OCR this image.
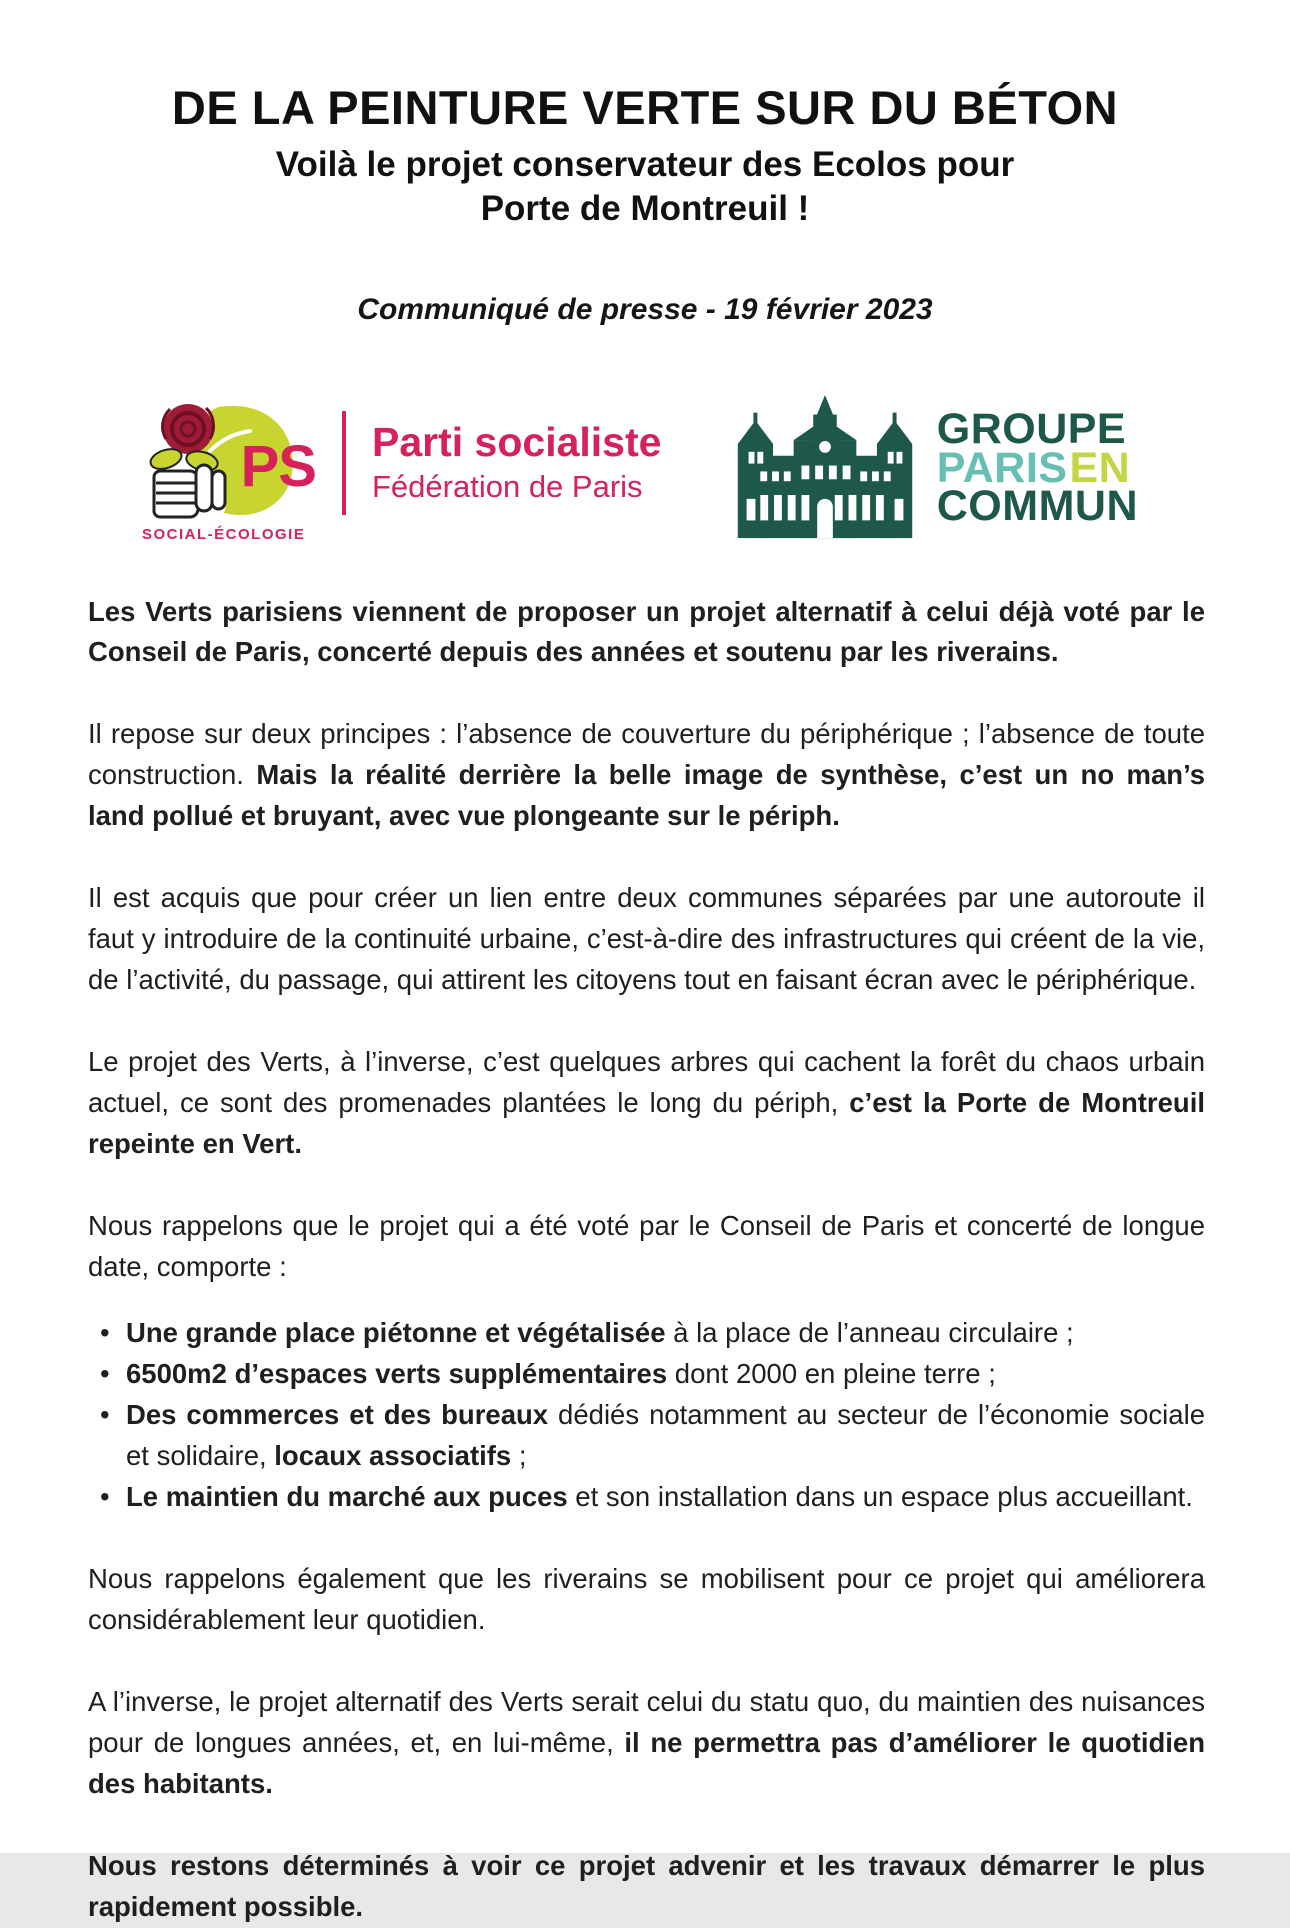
DE LA PEINTURE VERTE SUR DU BÉTON
Voilà le projet conservateur des Ecolos pour
Porte de Montreuil !
Communiqué de presse - 19 février 2023
PS
SOCIAL-ÉCOLOGIE
Parti socialiste
Fédération de Paris
GROUPE
PARISEN
COMMUN

Les Verts parisiens viennent de proposer un projet alternatif à celui déjà voté par le Conseil de Paris, concerté depuis des années et soutenu par les riverains.

Il repose sur deux principes : l’absence de couverture du périphérique ; l’absence de toute construction. Mais la réalité derrière la belle image de synthèse, c’est un no man’s land pollué et bruyant, avec vue plongeante sur le périph.

Il est acquis que pour créer un lien entre deux communes séparées par une autoroute il faut y introduire de la continuité urbaine, c’est-à-dire des infrastructures qui créent de la vie, de l’activité, du passage, qui attirent les citoyens tout en faisant écran avec le périphérique.

Le projet des Verts, à l’inverse, c’est quelques arbres qui cachent la forêt du chaos urbain actuel, ce sont des promenades plantées le long du périph, c’est la Porte de Montreuil repeinte en Vert.

Nous rappelons que le projet qui a été voté par le Conseil de Paris et concerté de longue date, comporte :

• Une grande place piétonne et végétalisée à la place de l’anneau circulaire ;
• 6500m2 d’espaces verts supplémentaires dont 2000 en pleine terre ;
• Des commerces et des bureaux dédiés notamment au secteur de l’économie sociale et solidaire, locaux associatifs ;
• Le maintien du marché aux puces et son installation dans un espace plus accueillant.

Nous rappelons également que les riverains se mobilisent pour ce projet qui améliorera considérablement leur quotidien.

A l’inverse, le projet alternatif des Verts serait celui du statu quo, du maintien des nuisances pour de longues années, et, en lui-même, il ne permettra pas d’améliorer le quotidien des habitants.

Nous restons déterminés à voir ce projet advenir et les travaux démarrer le plus rapidement possible.
